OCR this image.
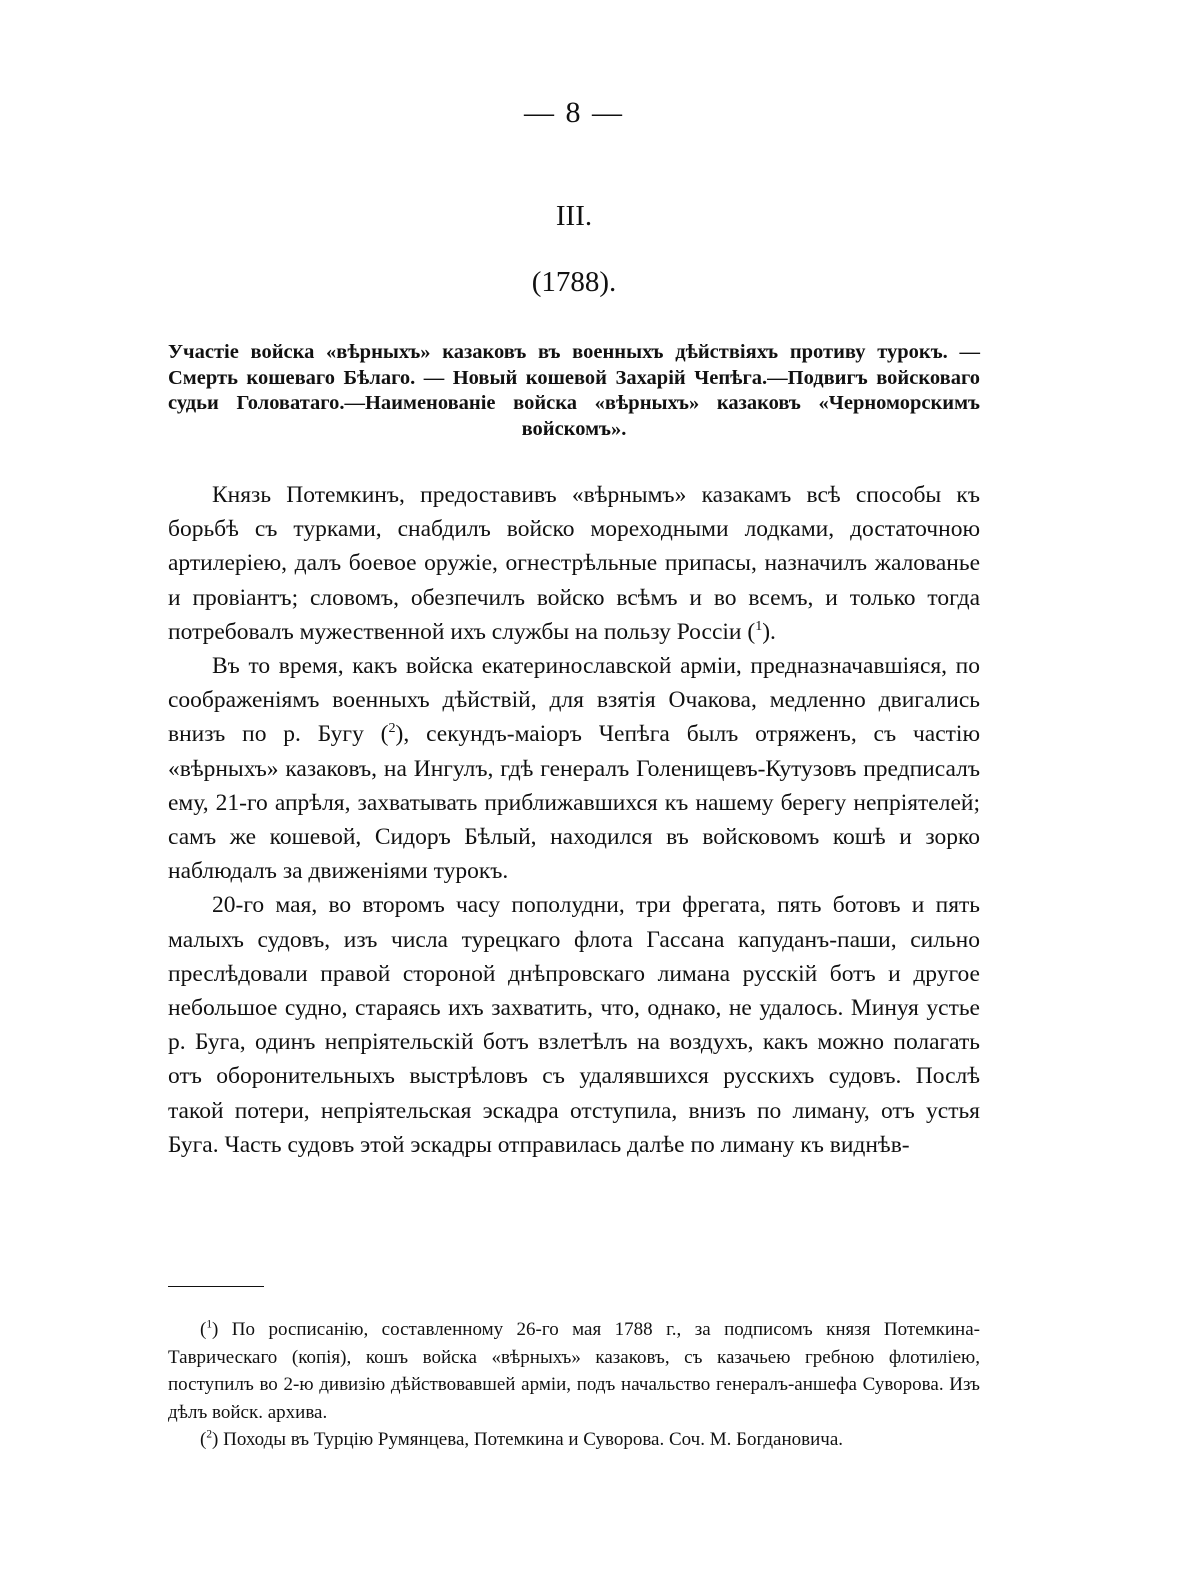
— 8 —
III.
(1788).
Участіе войска «вѣрныхъ» казаковъ въ военныхъ дѣйствіяхъ противу турокъ. — Смерть кошеваго Бѣлаго. — Новый кошевой Захарій Чепѣга.—Подвигъ войсковаго судьи Головатаго.—Наименованіе войска «вѣрныхъ» казаковъ «Черноморскимъ войскомъ».

Князь Потемкинъ, предоставивъ «вѣрнымъ» казакамъ всѣ способы къ борьбѣ съ турками, снабдилъ войско мореходными лодками, достаточною артилеріею, далъ боевое оружіе, огнестрѣльные припасы, назначилъ жалованье и провіантъ; словомъ, обезпечилъ войско всѣмъ и во всемъ, и только тогда потребовалъ мужественной ихъ службы на пользу Россіи ($^1$).

Въ то время, какъ войска екатеринославской арміи, предназначавшіяся, по соображеніямъ военныхъ дѣйствій, для взятія Очакова, медленно двигались внизъ по р. Бугу ($^2$), секундъ-маіоръ Чепѣга былъ отряженъ, съ частію «вѣрныхъ» казаковъ, на Ингулъ, гдѣ генералъ Голенищевъ-Кутузовъ предписалъ ему, 21-го апрѣля, захватывать приближавшихся къ нашему берегу непріятелей; самъ же кошевой, Сидоръ Бѣлый, находился въ войсковомъ кошѣ и зорко наблюдалъ за движеніями турокъ.

20-го мая, во второмъ часу пополудни, три фрегата, пять ботовъ и пять малыхъ судовъ, изъ числа турецкаго флота Гассана капуданъ-паши, сильно преслѣдовали правой стороной днѣпровскаго лимана русскій ботъ и другое небольшое судно, стараясь ихъ захватить, что, однако, не удалось. Минуя устье р. Буга, одинъ непріятельскій ботъ взлетѣлъ на воздухъ, какъ можно полагать отъ оборонительныхъ выстрѣловъ съ удалявшихся русскихъ судовъ. Послѣ такой потери, непріятельская эскадра отступила, внизъ по лиману, отъ устья Буга. Часть судовъ этой эскадры отправилась далѣе по лиману къ виднѣв-

($^1$) По росписанію, составленному 26-го мая 1788 г., за подписомъ князя Потемкина-Таврическаго (копія), кошъ войска «вѣрныхъ» казаковъ, съ казачьею гребною флотиліею, поступилъ во 2-ю дивизію дѣйствовавшей арміи, подъ начальство генералъ-аншефа Суворова. Изъ дѣлъ войск. архива.

($^2$) Походы въ Турцію Румянцева, Потемкина и Суворова. Соч. М. Богдановича.
